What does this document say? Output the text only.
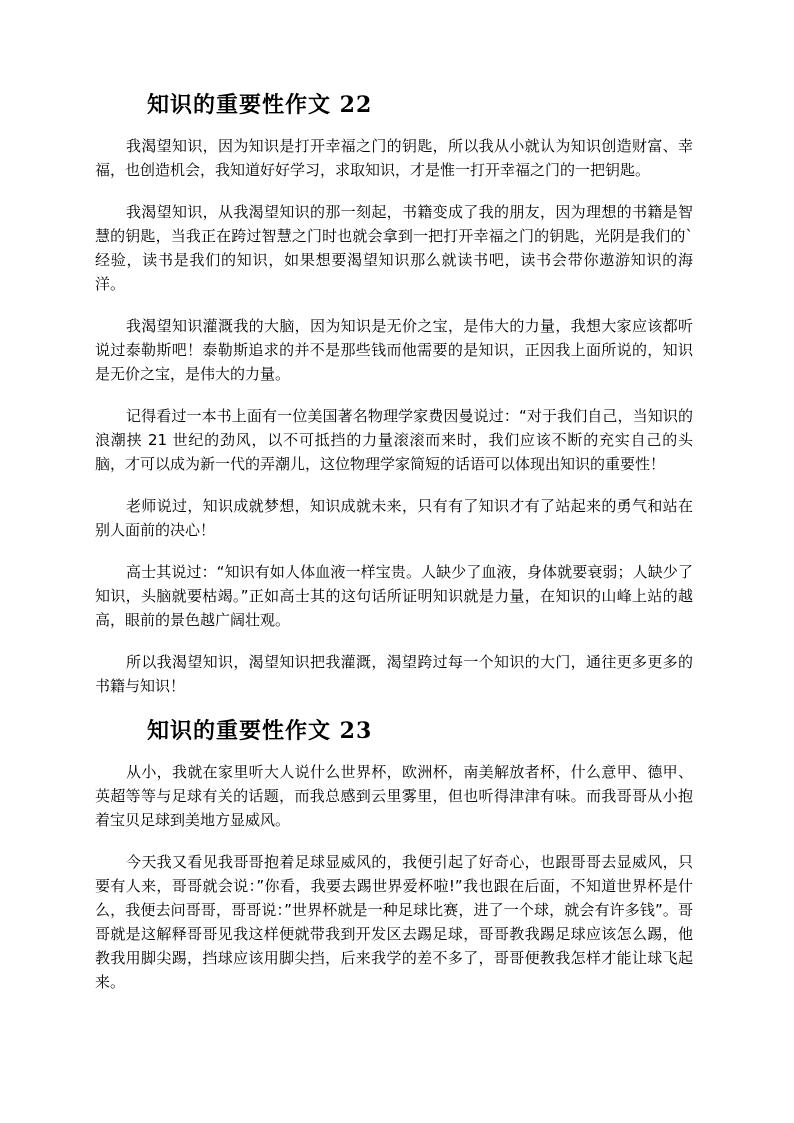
知识的重要性作文 22

我渴望知识，因为知识是打开幸福之门的钥匙，所以我从小就认为知识创造财富、幸福，也创造机会，我知道好好学习，求取知识，才是惟一打开幸福之门的一把钥匙。

我渴望知识，从我渴望知识的那一刻起，书籍变成了我的朋友，因为理想的书籍是智慧的钥匙，当我正在跨过智慧之门时也就会拿到一把打开幸福之门的钥匙，光阴是我们的`经验，读书是我们的知识，如果想要渴望知识那么就读书吧，读书会带你遨游知识的海洋。

我渴望知识灌溉我的大脑，因为知识是无价之宝，是伟大的力量，我想大家应该都听说过泰勒斯吧！泰勒斯追求的并不是那些钱而他需要的是知识，正因我上面所说的，知识是无价之宝，是伟大的力量。

记得看过一本书上面有一位美国著名物理学家费因曼说过：“对于我们自己，当知识的浪潮挟 21 世纪的劲风，以不可抵挡的力量滚滚而来时，我们应该不断的充实自己的头脑，才可以成为新一代的弄潮儿，这位物理学家简短的话语可以体现出知识的重要性！

老师说过，知识成就梦想，知识成就未来，只有有了知识才有了站起来的勇气和站在别人面前的决心！

高士其说过：“知识有如人体血液一样宝贵。人缺少了血液，身体就要衰弱；人缺少了知识，头脑就要枯竭。”正如高士其的这句话所证明知识就是力量，在知识的山峰上站的越高，眼前的景色越广阔壮观。

所以我渴望知识，渴望知识把我灌溉，渴望跨过每一个知识的大门，通往更多更多的书籍与知识！

知识的重要性作文 23

从小，我就在家里听大人说什么世界杯，欧洲杯，南美解放者杯，什么意甲、德甲、英超等等与足球有关的话题，而我总感到云里雾里，但也听得津津有味。而我哥哥从小抱着宝贝足球到美地方显威风。

今天我又看见我哥哥抱着足球显威风的，我便引起了好奇心，也跟哥哥去显威风，只要有人来，哥哥就会说：”你看，我要去踢世界爱杯啦!”我也跟在后面，不知道世界杯是什么，我便去问哥哥，哥哥说：”世界杯就是一种足球比赛，进了一个球，就会有许多钱”。哥哥就是这解释哥哥见我这样便就带我到开发区去踢足球，哥哥教我踢足球应该怎么踢，他教我用脚尖踢，挡球应该用脚尖挡，后来我学的差不多了，哥哥便教我怎样才能让球飞起来。
